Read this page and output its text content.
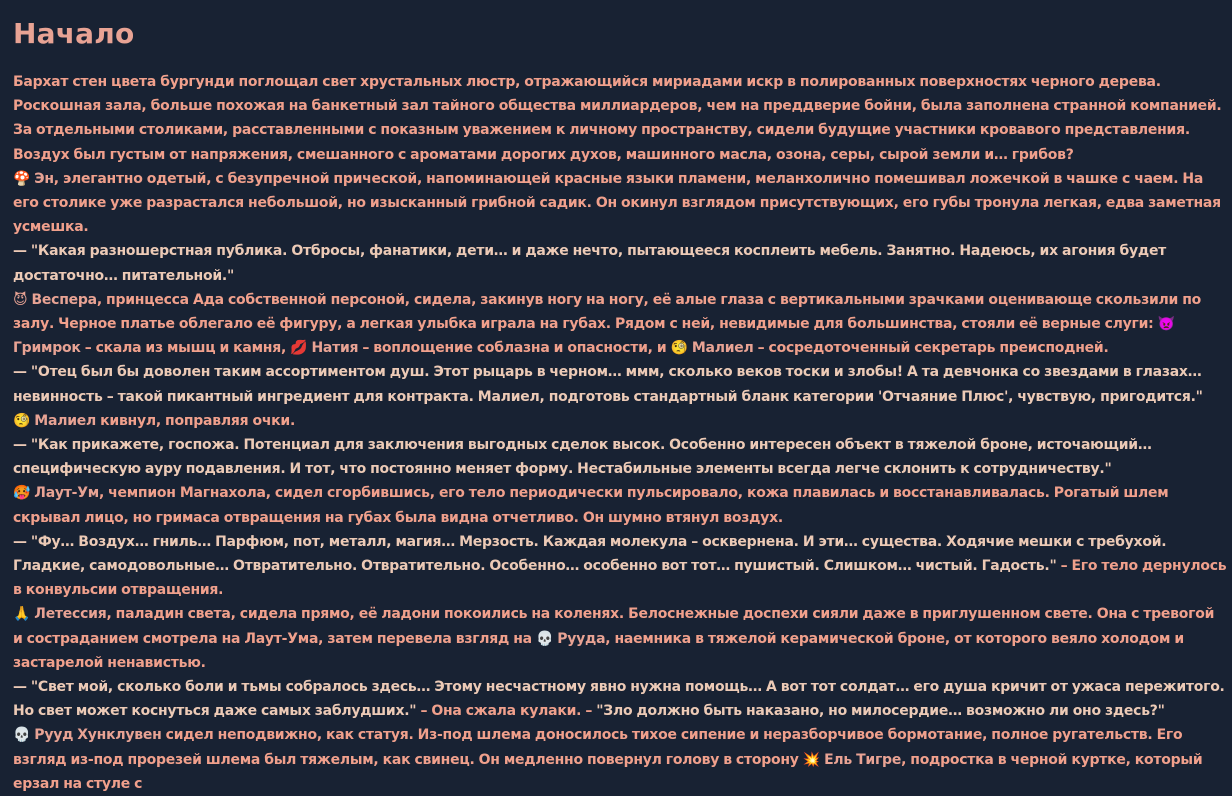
Начало

Бархат стен цвета бургунди поглощал свет хрустальных люстр, отражающийся мириадами искр в полированных поверхностях черного дерева. Роскошная зала, больше похожая на банкетный зал тайного общества миллиардеров, чем на преддверие бойни, была заполнена странной компанией. За отдельными столиками, расставленными с показным уважением к личному пространству, сидели будущие участники кровавого представления. Воздух был густым от напряжения, смешанного с ароматами дорогих духов, машинного масла, озона, серы, сырой земли и… грибов?

🍄 Эн, элегантно одетый, с безупречной прической, напоминающей красные языки пламени, меланхолично помешивал ложечкой в чашке с чаем. На его столике уже разрастался небольшой, но изысканный грибной садик. Он окинул взглядом присутствующих, его губы тронула легкая, едва заметная усмешка.

— "Какая разношерстная публика. Отбросы, фанатики, дети… и даже нечто, пытающееся косплеить мебель. Занятно. Надеюсь, их агония будет достаточно… питательной."

😈 Веспера, принцесса Ада собственной персоной, сидела, закинув ногу на ногу, её алые глаза с вертикальными зрачками оценивающе скользили по залу. Черное платье облегало её фигуру, а легкая улыбка играла на губах. Рядом с ней, невидимые для большинства, стояли её верные слуги: 👿 Гримрок – скала из мышц и камня, 💋 Натия – воплощение соблазна и опасности, и 🧐 Малиел – сосредоточенный секретарь преисподней.

— "Отец был бы доволен таким ассортиментом душ. Этот рыцарь в черном… ммм, сколько веков тоски и злобы! А та девчонка со звездами в глазах… невинность – такой пикантный ингредиент для контракта. Малиел, подготовь стандартный бланк категории 'Отчаяние Плюс', чувствую, пригодится."

🧐 Малиел кивнул, поправляя очки.

— "Как прикажете, госпожа. Потенциал для заключения выгодных сделок высок. Особенно интересен объект в тяжелой броне, источающий… специфическую ауру подавления. И тот, что постоянно меняет форму. Нестабильные элементы всегда легче склонить к сотрудничеству."

🥵 Лаут-Ум, чемпион Магнахола, сидел сгорбившись, его тело периодически пульсировало, кожа плавилась и восстанавливалась. Рогатый шлем скрывал лицо, но гримаса отвращения на губах была видна отчетливо. Он шумно втянул воздух.

— "Фу… Воздух… гниль… Парфюм, пот, металл, магия… Мерзость. Каждая молекула – осквернена. И эти… существа. Ходячие мешки с требухой. Гладкие, самодовольные… Отвратительно. Отвратительно. Особенно… особенно вот тот… пушистый. Слишком… чистый. Гадость." – Его тело дернулось в конвульсии отвращения.

🙏 Летессия, паладин света, сидела прямо, её ладони покоились на коленях. Белоснежные доспехи сияли даже в приглушенном свете. Она с тревогой и состраданием смотрела на Лаут-Ума, затем перевела взгляд на 💀 Рууда, наемника в тяжелой керамической броне, от которого веяло холодом и застарелой ненавистью.

— "Свет мой, сколько боли и тьмы собралось здесь… Этому несчастному явно нужна помощь… А вот тот солдат… его душа кричит от ужаса пережитого. Но свет может коснуться даже самых заблудших." – Она сжала кулаки. – "Зло должно быть наказано, но милосердие… возможно ли оно здесь?"

💀 Рууд Хунклувен сидел неподвижно, как статуя. Из-под шлема доносилось тихое сипение и неразборчивое бормотание, полное ругательств. Его взгляд из-под прорезей шлема был тяжелым, как свинец. Он медленно повернул голову в сторону 💥 Ель Тигре, подростка в черной куртке, который ерзал на стуле с
